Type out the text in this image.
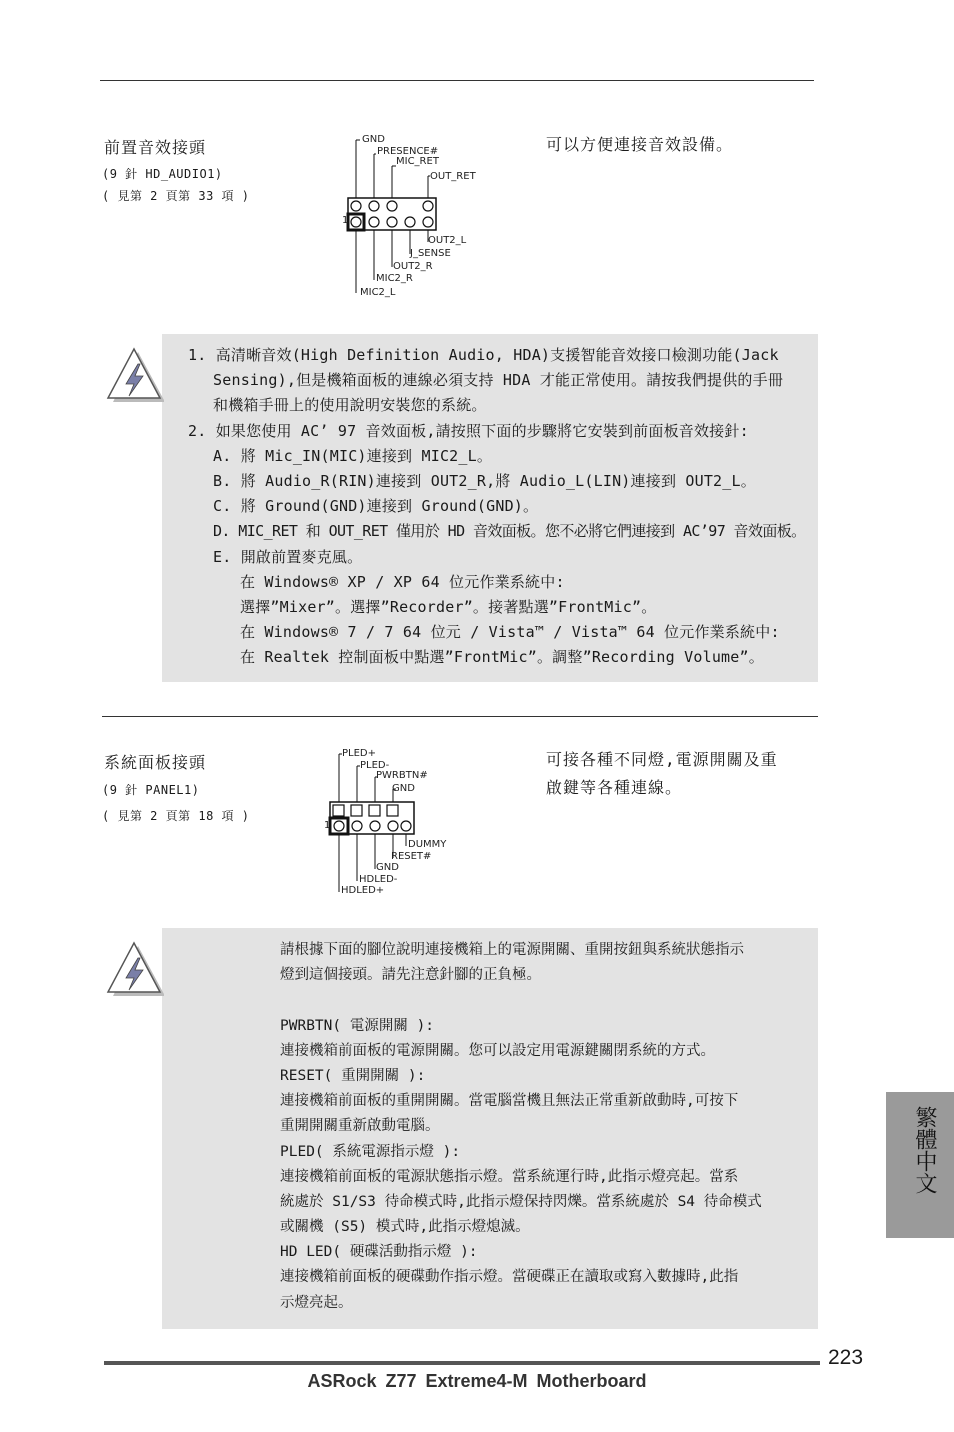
前置音效接頭
(9 針 HD_AUDIO1)
( 見第 2 頁第 33 項 )
可以方便連接音效設備。
1
GND
PRESENCE#
MIC_RET
OUT_RET
OUT2_L
J_SENSE
OUT2_R
MIC2_R
MIC2_L
1. 高清晰音效(High Definition Audio, HDA)支援智能音效接口檢測功能(Jack
Sensing),但是機箱面板的連線必須支持 HDA 才能正常使用。請按我們提供的手冊
和機箱手冊上的使用說明安裝您的系統。
2. 如果您使用 AC’ 97 音效面板,請按照下面的步驟將它安裝到前面板音效接針:
A. 將 Mic_IN(MIC)連接到 MIC2_L。
B. 將 Audio_R(RIN)連接到 OUT2_R,將 Audio_L(LIN)連接到 OUT2_L。
C. 將 Ground(GND)連接到 Ground(GND)。
D. MIC_RET 和 OUT_RET 僅用於 HD 音效面板。您不必將它們連接到 AC’97 音效面板。
E. 開啟前置麥克風。
在 Windows® XP / XP 64 位元作業系統中:
選擇”Mixer”。選擇”Recorder”。接著點選”FrontMic”。
在 Windows® 7 / 7 64 位元 / Vista™ / Vista™ 64 位元作業系統中:
在 Realtek 控制面板中點選”FrontMic”。調整”Recording Volume”。
系統面板接頭
(9 針 PANEL1)
( 見第 2 頁第 18 項 )
可接各種不同燈,電源開關及重
啟鍵等各種連線。
1
PLED+
PLED-
PWRBTN#
GND
DUMMY
RESET#
GND
HDLED-
HDLED+
請根據下面的腳位說明連接機箱上的電源開關、重開按鈕與系統狀態指示
燈到這個接頭。請先注意針腳的正負極。
PWRBTN( 電源開關 ):
連接機箱前面板的電源開關。您可以設定用電源鍵關閉系統的方式。
RESET( 重開開關 ):
連接機箱前面板的重開開關。當電腦當機且無法正常重新啟動時,可按下
重開開關重新啟動電腦。
PLED( 系統電源指示燈 ):
連接機箱前面板的電源狀態指示燈。當系統運行時,此指示燈亮起。當系
統處於 S1/S3 待命模式時,此指示燈保持閃爍。當系統處於 S4 待命模式
或關機 (S5) 模式時,此指示燈熄滅。
HD LED( 硬碟活動指示燈 ):
連接機箱前面板的硬碟動作指示燈。當硬碟正在讀取或寫入數據時,此指
示燈亮起。
繁體中文
223
ASRock Z77 Extreme4-M Motherboard
